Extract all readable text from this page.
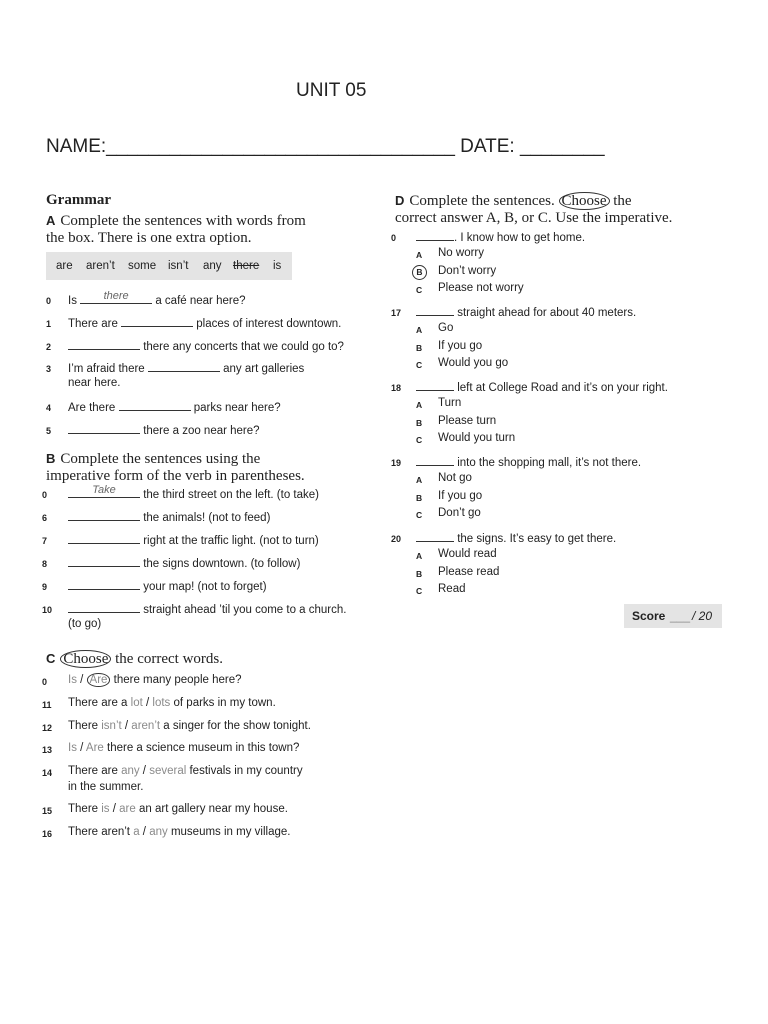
UNIT 05
NAME:_________________________________ DATE: ________
Grammar
A Complete the sentences with words from
the box. There is one extra option.
are aren’t some isn’t any there is
0 Is	there	a café near here?
1 There are	places of interest downtown.
2	there any concerts that we could go to?
3 I’m afraid there	any art galleries
near here.
4 Are there	parks near here?
5	there a zoo near here?
B Complete the sentences using the
imperative form of the verb in parentheses.
0	Take	the third street on the left. (to take)
6	the animals! (not to feed)
7	right at the traffic light. (not to turn)
8	the signs downtown. (to follow)
9	your map! (not to forget)
10	straight ahead ’til you come to a church.
(to go)
C Choose the correct words.
0 Is / Are there many people here?
11 There are a lot / lots of parks in my town.
12 There isn’t / aren’t a singer for the show tonight.
13 Is / Are there a science museum in this town?
14 There are any / several festivals in my country
in the summer.
15 There is / are an art gallery near my house.
16 There aren’t a / any museums in my village.
D Complete the sentences. Choose the
correct answer A, B, or C. Use the imperative.
0	. I know how to get home.
A No worry
B	Don’t worry
C Please not worry
17	straight ahead for about 40 meters.
A Go
B If you go
C Would you go
18	left at College Road and it’s on your right.
A Turn
B Please turn
C Would you turn
19	into the shopping mall, it’s not there.
A Not go
B If you go
C Don’t go
20	the signs. It’s easy to get there.
A Would read
B Please read
C Read
Score ___ / 20
